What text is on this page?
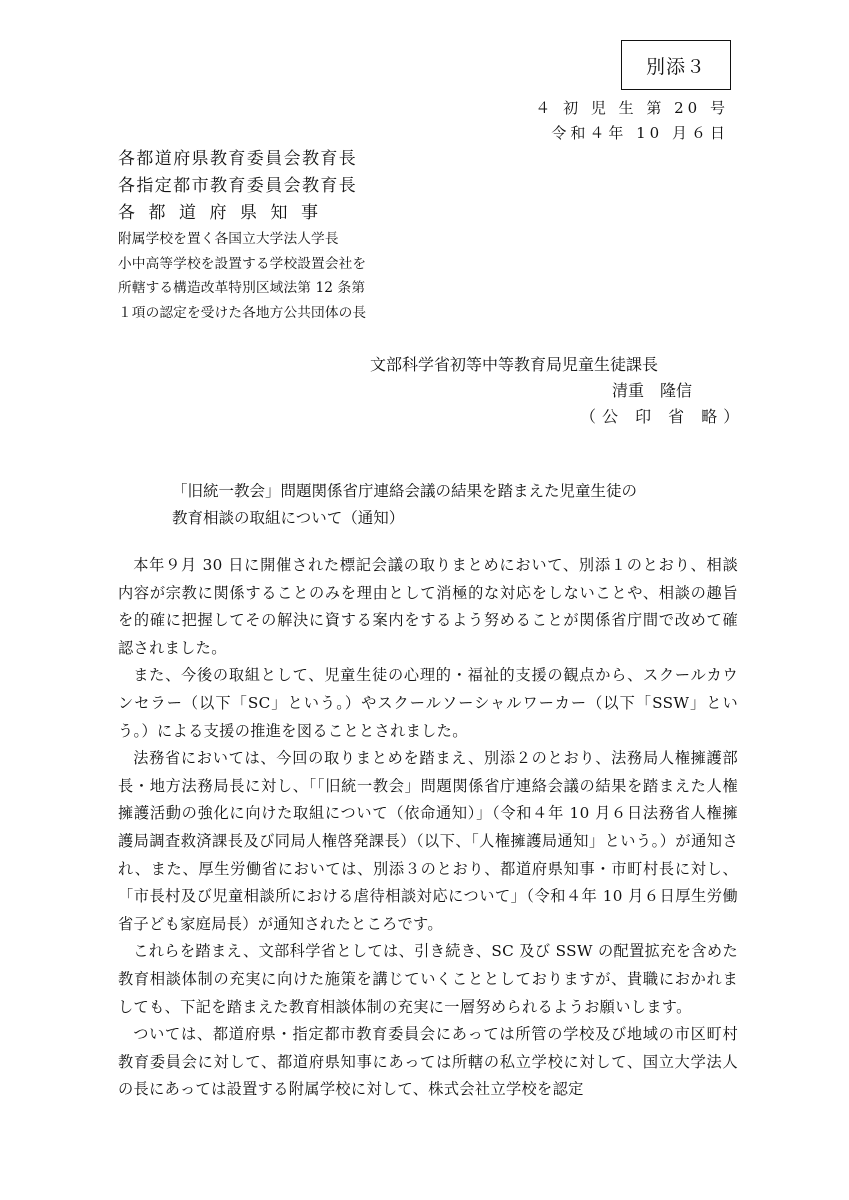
別添３
４ 初 児 生 第 20 号
令和４年 10 月６日
各都道府県教育委員会教育長
各指定都市教育委員会教育長
各都道府県知事
附属学校を置く各国立大学法人学長
小中高等学校を設置する学校設置会社を
所轄する構造改革特別区域法第 12 条第
１項の認定を受けた各地方公共団体の長
文部科学省初等中等教育局児童生徒課長
清重　隆信
（公 印 省 略）
「旧統一教会」問題関係省庁連絡会議の結果を踏まえた児童生徒の
教育相談の取組について（通知）

本年９月 30 日に開催された標記会議の取りまとめにおいて、別添１のとおり、相談内容が宗教に関係することのみを理由として消極的な対応をしないことや、相談の趣旨を的確に把握してその解決に資する案内をするよう努めることが関係省庁間で改めて確認されました。

また、今後の取組として、児童生徒の心理的・福祉的支援の観点から、スクールカウンセラー（以下「SC」という。）やスクールソーシャルワーカー（以下「SSW」という。）による支援の推進を図ることとされました。

法務省においては、今回の取りまとめを踏まえ、別添２のとおり、法務局人権擁護部長・地方法務局長に対し、「「旧統一教会」問題関係省庁連絡会議の結果を踏まえた人権擁護活動の強化に向けた取組について（依命通知）」（令和４年 10 月６日法務省人権擁護局調査救済課長及び同局人権啓発課長）（以下、「人権擁護局通知」という。）が通知され、また、厚生労働省においては、別添３のとおり、都道府県知事・市町村長に対し、「市長村及び児童相談所における虐待相談対応について」（令和４年 10 月６日厚生労働省子ども家庭局長）が通知されたところです。

これらを踏まえ、文部科学省としては、引き続き、SC 及び SSW の配置拡充を含めた教育相談体制の充実に向けた施策を講じていくこととしておりますが、貴職におかれましても、下記を踏まえた教育相談体制の充実に一層努められるようお願いします。

ついては、都道府県・指定都市教育委員会にあっては所管の学校及び地域の市区町村教育委員会に対して、都道府県知事にあっては所轄の私立学校に対して、国立大学法人の長にあっては設置する附属学校に対して、株式会社立学校を認定
